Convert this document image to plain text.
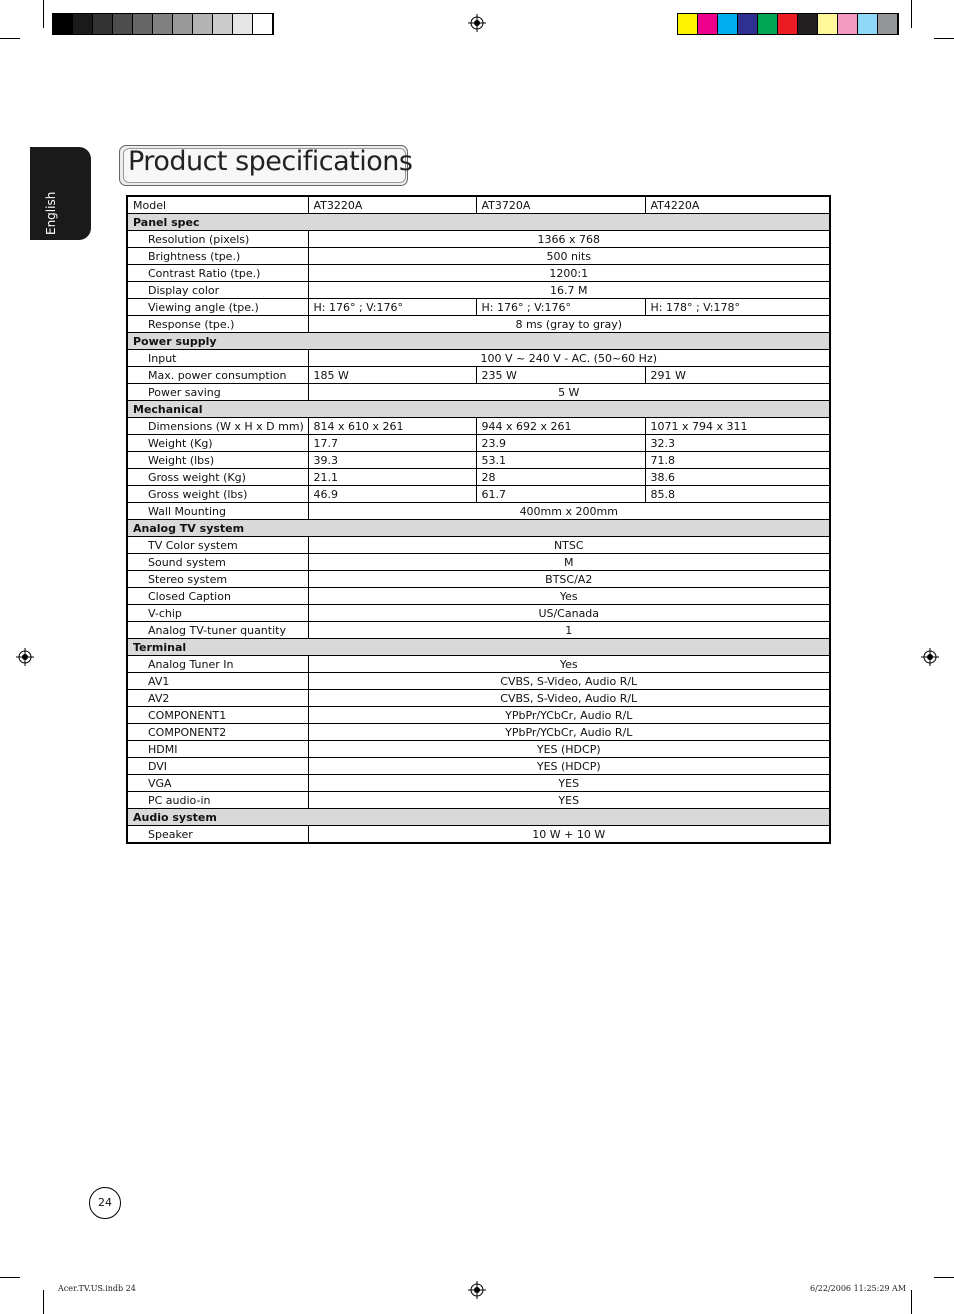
English
Product specifications
Model	AT3220A	AT3720A	AT4220A
Panel spec			
Resolution (pixels)	1366 x 768		
Brightness (tpe.)	500 nits		
Contrast Ratio (tpe.)	1200:1		
Display color	16.7 M		
Viewing angle (tpe.)	H: 176° ; V:176°	H: 176° ; V:176°	H: 178° ; V:178°
Response (tpe.)	8 ms (gray to gray)		
Power supply			
Input	100 V ~ 240 V - AC. (50~60 Hz)		
Max. power consumption	185 W	235 W	291 W
Power saving	5 W		
Mechanical			
Dimensions (W x H x D mm)	814 x 610 x 261	944 x 692 x 261	1071 x 794 x 311
Weight (Kg)	17.7	23.9	32.3
Weight (lbs)	39.3	53.1	71.8
Gross weight (Kg)	21.1	28	38.6
Gross weight (lbs)	46.9	61.7	85.8
Wall Mounting	400mm x 200mm		
Analog TV system			
TV Color system	NTSC		
Sound system	M		
Stereo system	BTSC/A2		
Closed Caption	Yes		
V-chip	US/Canada		
Analog TV-tuner quantity	1		
Terminal			
Analog Tuner In	Yes		
AV1	CVBS, S-Video, Audio R/L		
AV2	CVBS, S-Video, Audio R/L		
COMPONENT1	YPbPr/YCbCr, Audio R/L		
COMPONENT2	YPbPr/YCbCr, Audio R/L		
HDMI	YES (HDCP)		
DVI	YES (HDCP)		
VGA	YES		
PC audio-in	YES		
Audio system			
Speaker	10 W + 10 W		
24
Acer.TV.US.indb 24	6/22/2006 11:25:29 AM
